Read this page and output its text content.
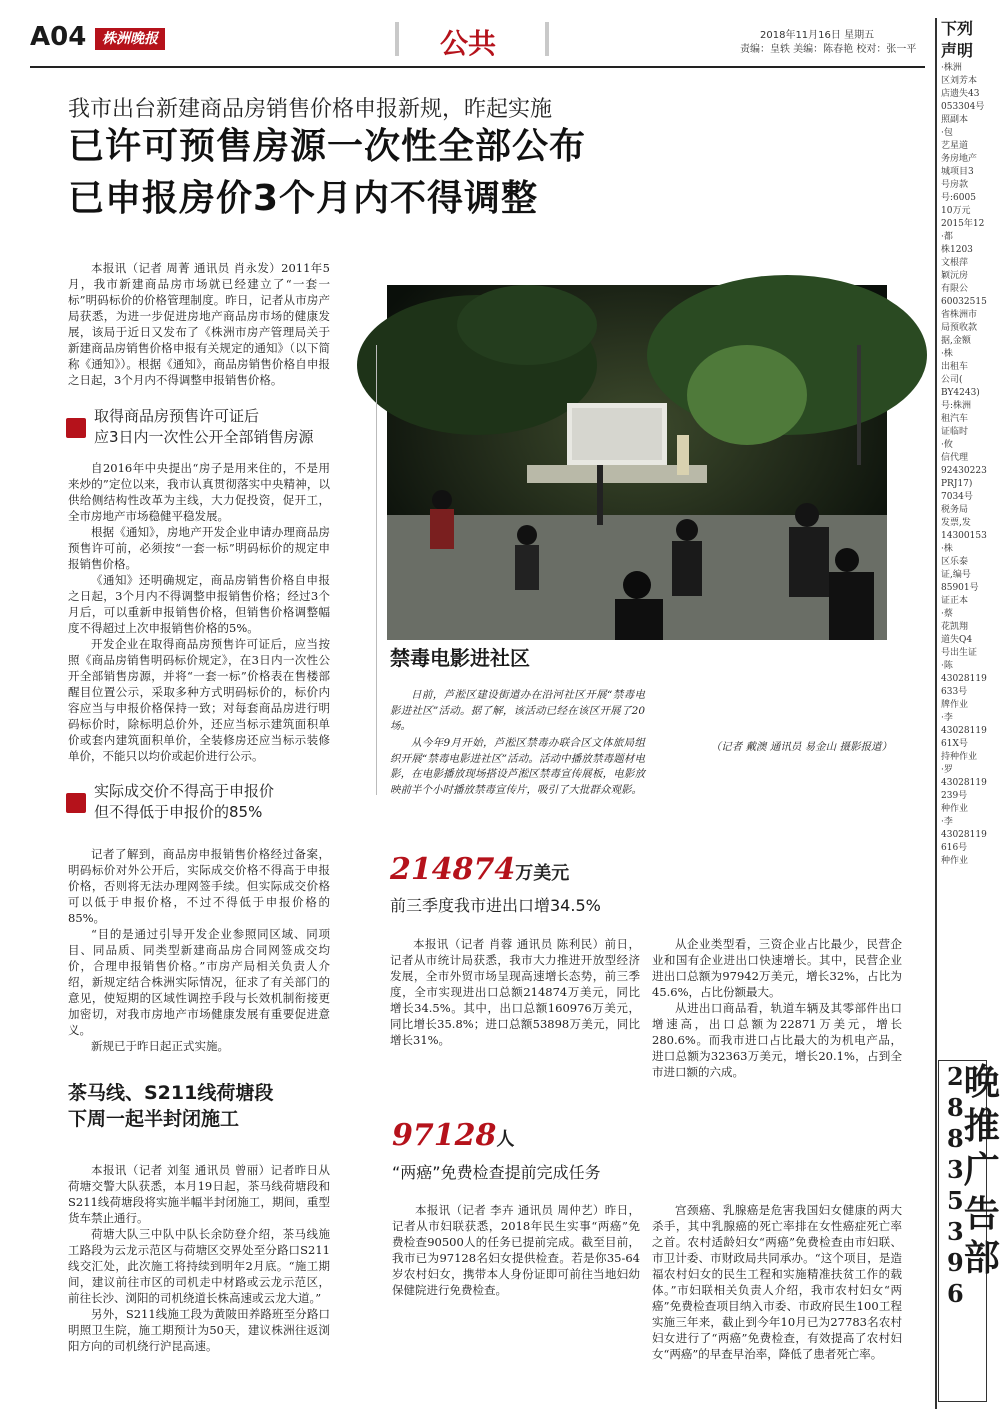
A04	株洲晚报	公共	2018年11月16日 星期五
责编：皇轶 美编：陈春艳 校对：张一平
我市出台新建商品房销售价格申报新规，昨起实施
已许可预售房源一次性全部公布
已申报房价3个月内不得调整

本报讯（记者 周菁 通讯员 肖永发）2011年5月，我市新建商品房市场就已经建立了“一套一标”明码标价的价格管理制度。昨日，记者从市房产局获悉，为进一步促进房地产商品房市场的健康发展，该局于近日又发布了《株洲市房产管理局关于新建商品房销售价格申报有关规定的通知》（以下简称《通知》）。根据《通知》，商品房销售价格自申报之日起，3个月内不得调整申报销售价格。

取得商品房预售许可证后
应3日内一次性公开全部销售房源

自2016年中央提出“房子是用来住的，不是用来炒的”定位以来，我市认真贯彻落实中央精神，以供给侧结构性改革为主线，大力促投资，促开工，全市房地产市场稳健平稳发展。

根据《通知》，房地产开发企业申请办理商品房预售许可前，必须按“一套一标”明码标价的规定申报销售价格。

《通知》还明确规定，商品房销售价格自申报之日起，3个月内不得调整申报销售价格；经过3个月后，可以重新申报销售价格，但销售价格调整幅度不得超过上次申报销售价格的5%。

开发企业在取得商品房预售许可证后，应当按照《商品房销售明码标价规定》，在3日内一次性公开全部销售房源，并将“一套一标”价格表在售楼部醒目位置公示，采取多种方式明码标价的，标价内容应当与申报价格保持一致；对每套商品房进行明码标价时，除标明总价外，还应当标示建筑面积单价或套内建筑面积单价，全装修房还应当标示装修单价，不能只以均价或起价进行公示。

实际成交价不得高于申报价
但不得低于申报价的85%

记者了解到，商品房申报销售价格经过备案，明码标价对外公开后，实际成交价格不得高于申报价格，否则将无法办理网签手续。但实际成交价格可以低于申报价格，不过不得低于申报价格的85%。

“目的是通过引导开发企业参照同区域、同项目、同品质、同类型新建商品房合同网签成交均价，合理申报销售价格。”市房产局相关负责人介绍，新规定结合株洲实际情况，征求了有关部门的意见，使短期的区域性调控手段与长效机制衔接更加密切，对我市房地产市场健康发展有重要促进意义。

新规已于昨日起正式实施。

禁毒电影进社区

日前，芦淞区建设街道办在沿河社区开展“禁毒电影进社区”活动。据了解，该活动已经在该区开展了20场。

从今年9月开始，芦淞区禁毒办联合区文体旅局组织开展“禁毒电影进社区”活动。活动中播放禁毒题材电影，在电影播放现场搭设芦淞区禁毒宣传展板，电影放映前半个小时播放禁毒宣传片，吸引了大批群众观影。

（记者 戴澳 通讯员 易金山 摄影报道）
214874万美元
前三季度我市进出口增34.5%

本报讯（记者 肖蓉 通讯员 陈利民）前日，记者从市统计局获悉，我市大力推进开放型经济发展，全市外贸市场呈现高速增长态势，前三季度，全市实现进出口总额214874万美元，同比增长34.5%。其中，出口总额160976万美元，同比增长35.8%；进口总额53898万美元，同比增长31%。

从企业类型看，三资企业占比最少，民营企业和国有企业进出口快速增长。其中，民营企业进出口总额为97942万美元，增长32%，占比为45.6%，占比份额最大。

从进出口商品看，轨道车辆及其零部件出口增速高，出口总额为22871万美元，增长280.6%。而我市进口占比最大的为机电产品，进口总额为32363万美元，增长20.1%，占到全市进口额的六成。

茶马线、S211线荷塘段
下周一起半封闭施工

本报讯（记者 刘玺 通讯员 曾丽）记者昨日从荷塘交警大队获悉，本月19日起，茶马线荷塘段和S211线荷塘段将实施半幅半封闭施工，期间，重型货车禁止通行。

荷塘大队三中队中队长余防登介绍，茶马线施工路段为云龙示范区与荷塘区交界处至分路口S211线交汇处，此次施工将持续到明年2月底。“施工期间，建议前往市区的司机走中材路或云龙示范区，前往长沙、浏阳的司机绕道长株高速或云龙大道。”

另外，S211线施工段为黄陂田养路班至分路口明照卫生院，施工期预计为50天，建议株洲往返浏阳方向的司机绕行沪昆高速。

97128人
“两癌”免费检查提前完成任务

本报讯（记者 李卉 通讯员 周仲艺）昨日，记者从市妇联获悉，2018年民生实事“两癌”免费检查90500人的任务已提前完成。截至目前，我市已为97128名妇女提供检查。若是你35-64岁农村妇女，携带本人身份证即可前往当地妇幼保健院进行免费检查。

宫颈癌、乳腺癌是危害我国妇女健康的两大杀手，其中乳腺癌的死亡率排在女性癌症死亡率之首。农村适龄妇女“两癌”免费检查由市妇联、市卫计委、市财政局共同承办。“这个项目，是造福农村妇女的民生工程和实施精准扶贫工作的载体。”市妇联相关负责人介绍，我市农村妇女“两癌”免费检查项目纳入市委、市政府民生100工程实施三年来，截止到今年10月已为27783名农村妇女进行了“两癌”免费检查，有效提高了农村妇女“两癌”的早查早治率，降低了患者死亡率。

下列
声明
·株洲
区刘芳本
店遗失43
053304号
照副本
·包
艺星道
务房地产
城项目3
号房款
号:6005
10万元
2015年12
·都
株1203
文根萍
颖沅房
有限公
60032515
省株洲市
局预收款
据,金额
·株
出租车
公司(
BY4243)
号:株洲
租汽车
证临时
·攸
信代理
92430223
PRJ17)
7034号
税务局
发票,发
14300153
·株
区乐泰
证,编号
85901号
证正本
·蔡
花凯翔
道失Q4
号出生证
·陈
43028119
633号
牌作业
·李
43028119
61X号
持种作业
·罗
43028119
239号
种作业
·李
43028119
616号
种作业
2
8
8
3
5
3
9
6
晚
推
广
告
部
